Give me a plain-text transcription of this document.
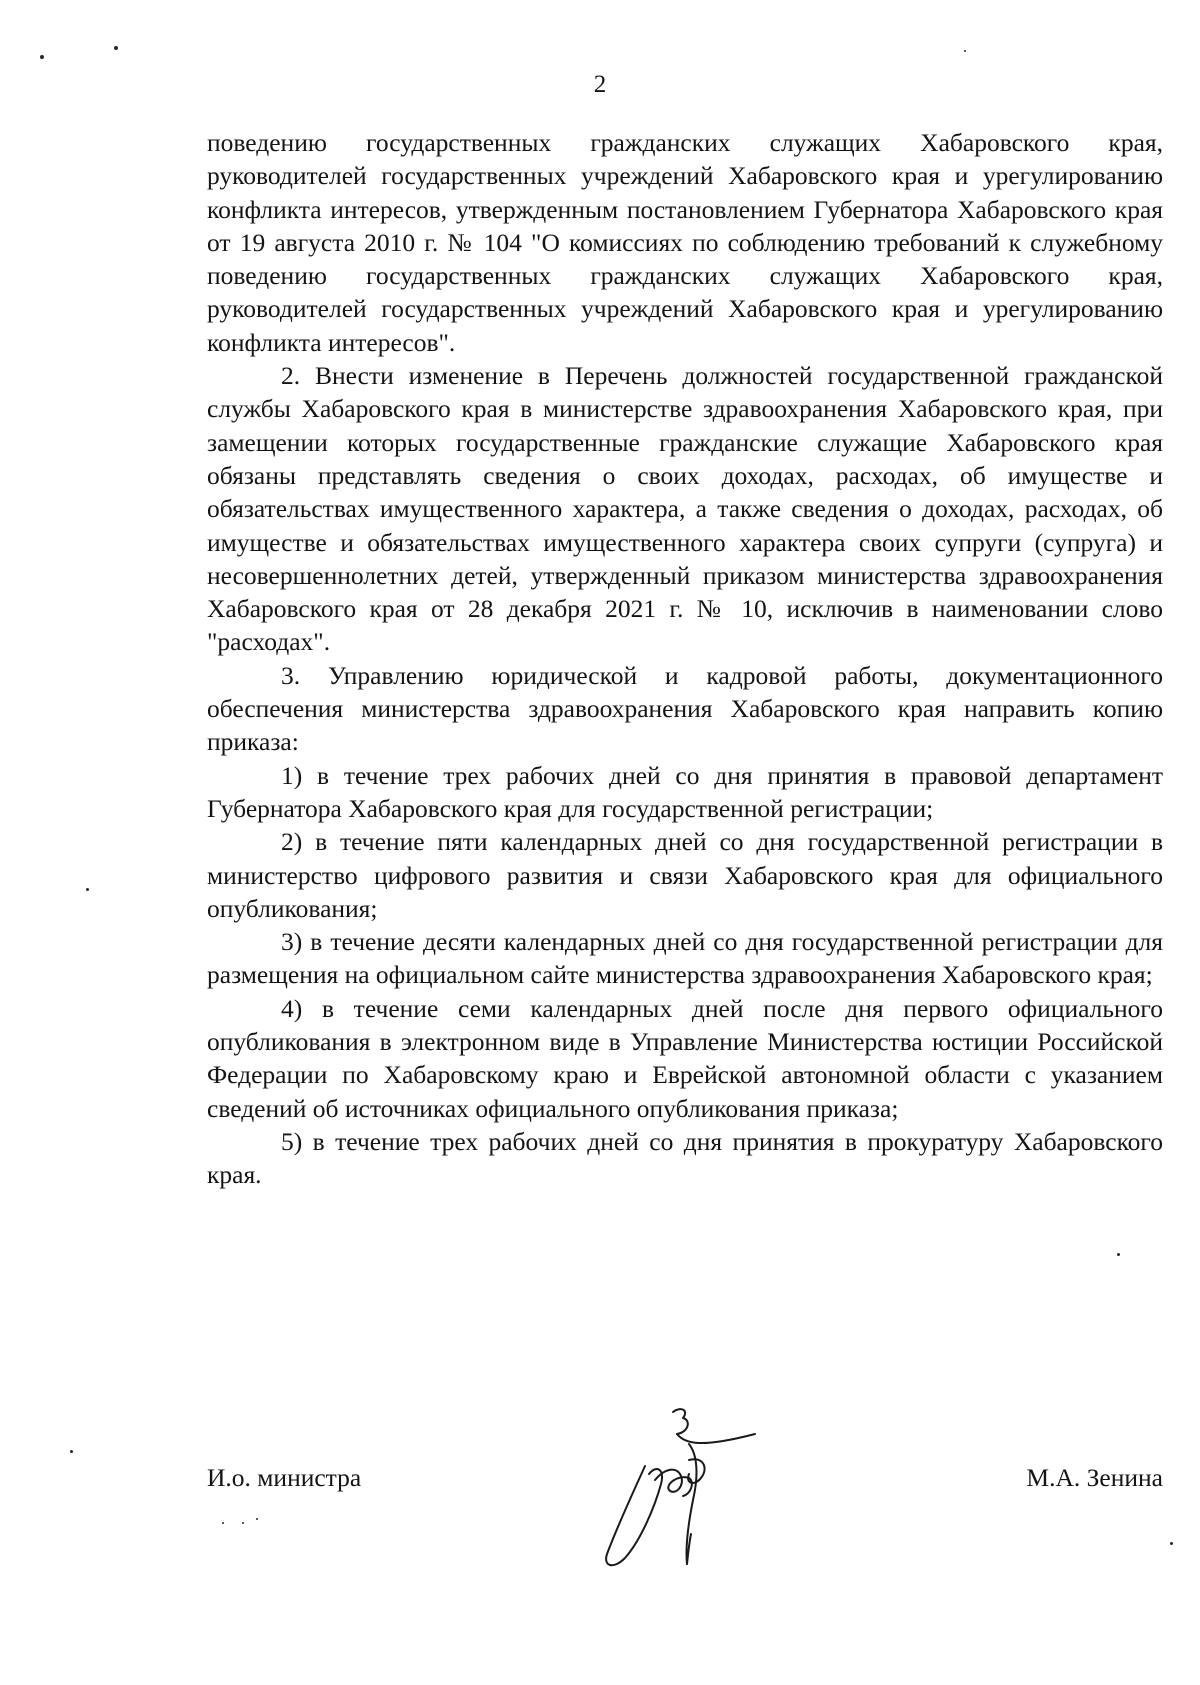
2

поведению государственных гражданских служащих Хабаровского края, руководителей государственных учреждений Хабаровского края и урегулированию конфликта интересов, утвержденным постановлением Губернатора Хабаровского края от 19 августа 2010 г. № 104 "О комиссиях по соблюдению требований к служебному поведению государственных гражданских служащих Хабаровского края, руководителей государственных учреждений Хабаровского края и урегулированию конфликта интересов".

2. Внести изменение в Перечень должностей государственной гражданской службы Хабаровского края в министерстве здравоохранения Хабаровского края, при замещении которых государственные гражданские служащие Хабаровского края обязаны представлять сведения о своих доходах, расходах, об имуществе и обязательствах имущественного характера, а также сведения о доходах, расходах, об имуществе и обязательствах имущественного характера своих супруги (супруга) и несовершеннолетних детей, утвержденный приказом министерства здравоохранения Хабаровского края от 28 декабря 2021 г. № 10, исключив в наименовании слово "расходах".

3. Управлению юридической и кадровой работы, документационного обеспечения министерства здравоохранения Хабаровского края направить копию приказа:

1) в течение трех рабочих дней со дня принятия в правовой департамент Губернатора Хабаровского края для государственной регистрации;

2) в течение пяти календарных дней со дня государственной регистрации в министерство цифрового развития и связи Хабаровского края для официального опубликования;

3) в течение десяти календарных дней со дня государственной регистрации для размещения на официальном сайте министерства здравоохранения Хабаровского края;

4) в течение семи календарных дней после дня первого официального опубликования в электронном виде в Управление Министерства юстиции Российской Федерации по Хабаровскому краю и Еврейской автономной области с указанием сведений об источниках официального опубликования приказа;

5) в течение трех рабочих дней со дня принятия в прокуратуру Хабаровского края.

И.о. министра	М.А. Зенина
